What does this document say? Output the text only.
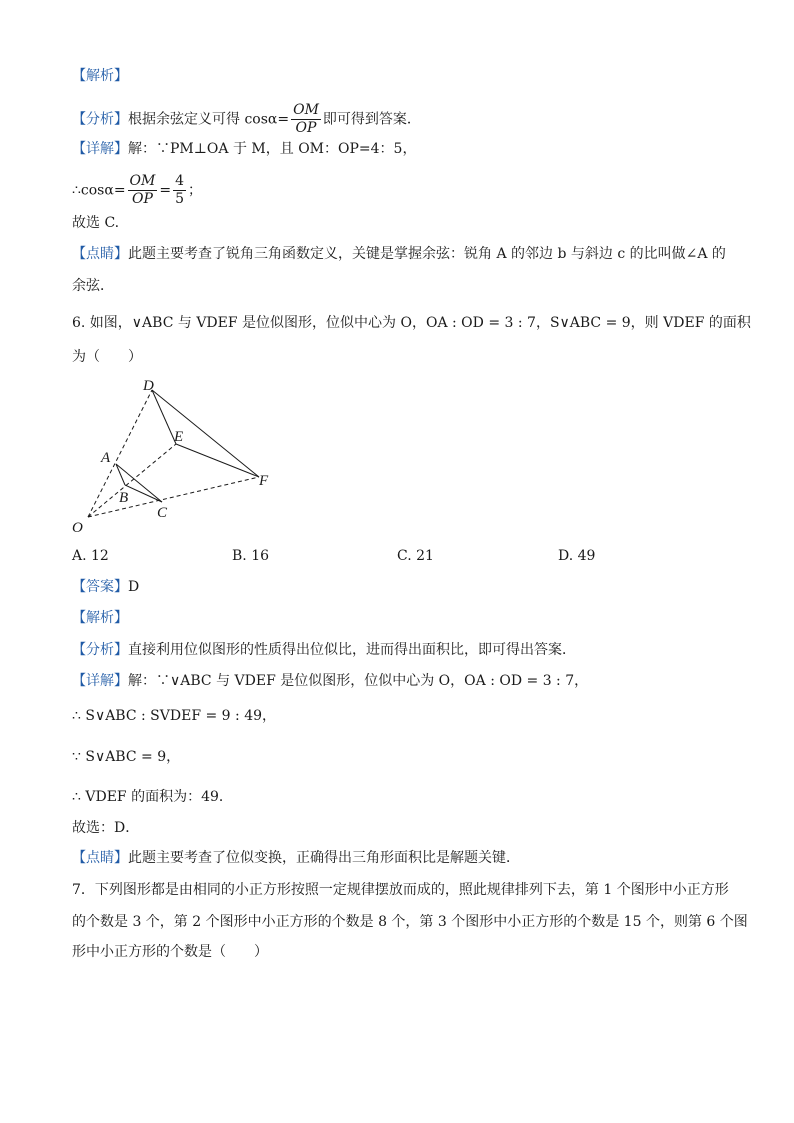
【解析】
【分析】根据余弦定义可得 $\cos\alpha= \frac{OM}{OP}$ 即可得到答案．
【详解】解：∵PM⊥OA 于 M，且 OM：OP=4：5，
∴cosα= $\frac{OM}{OP} = \frac{4}{5}$ ；
故选 C.
【点睛】此题主要考查了锐角三角函数定义，关键是掌握余弦：锐角 A 的邻边 b 与斜边 c 的比叫做∠A 的
余弦．
6. 如图，∨ABC 与 VDEF 是位似图形，位似中心为 O，OA : OD = 3 : 7，S∨ABC = 9，则 VDEF 的面积
为（　　）
D
E
A
B
C
F
O
A. 12	B. 16	C. 21	D. 49
【答案】D
【解析】
【分析】直接利用位似图形的性质得出位似比，进而得出面积比，即可得出答案．
【详解】解：∵∨ABC 与 VDEF 是位似图形，位似中心为 O，OA : OD = 3 : 7，
∴ S∨ABC : SVDEF = 9 : 49，
∵ S∨ABC = 9，
∴ VDEF 的面积为：49．
故选：D．
【点睛】此题主要考查了位似变换，正确得出三角形面积比是解题关键．
7．下列图形都是由相同的小正方形按照一定规律摆放而成的，照此规律排列下去，第 1 个图形中小正方形
的个数是 3 个，第 2 个图形中小正方形的个数是 8 个，第 3 个图形中小正方形的个数是 15 个，则第 6 个图
形中小正方形的个数是（　　）
